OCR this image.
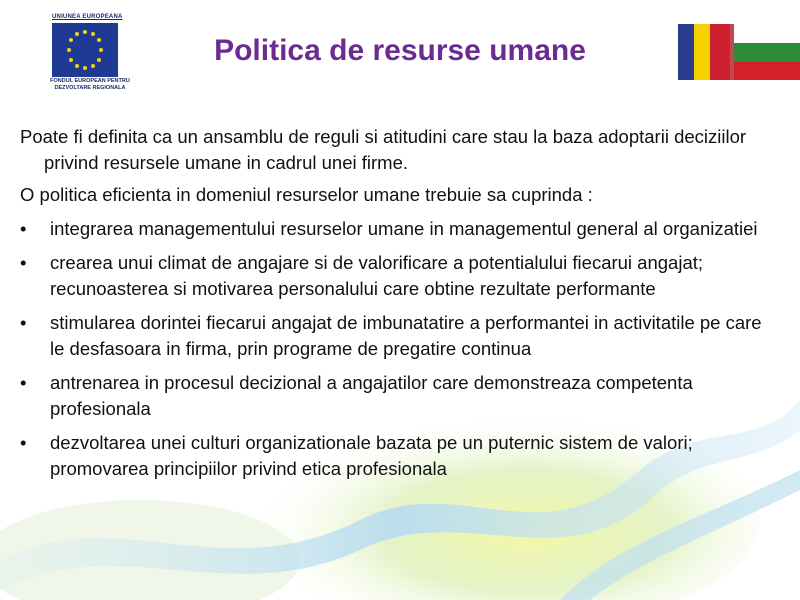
UNIUNEA EUROPEANA
FONDUL EUROPEAN PENTRU DEZVOLTARE REGIONALA
Politica de resurse umane

Poate fi definita ca un ansamblu de reguli si atitudini care stau la baza adoptarii deciziilor privind resursele umane in cadrul unei firme.

O politica eficienta in domeniul resurselor umane trebuie sa cuprinda :

• integrarea managementului resurselor umane in managementul general al organizatiei
• crearea unui climat de angajare si de valorificare a potentialului fiecarui angajat; recunoasterea si motivarea personalului care obtine rezultate performante
• stimularea dorintei fiecarui angajat de imbunatatire a performantei in activitatile pe care le desfasoara in firma, prin programe de pregatire continua
• antrenarea in procesul decizional a angajatilor care demonstreaza competenta profesionala
• dezvoltarea unei culturi organizationale bazata pe un puternic sistem de valori; promovarea principiilor privind etica profesionala
